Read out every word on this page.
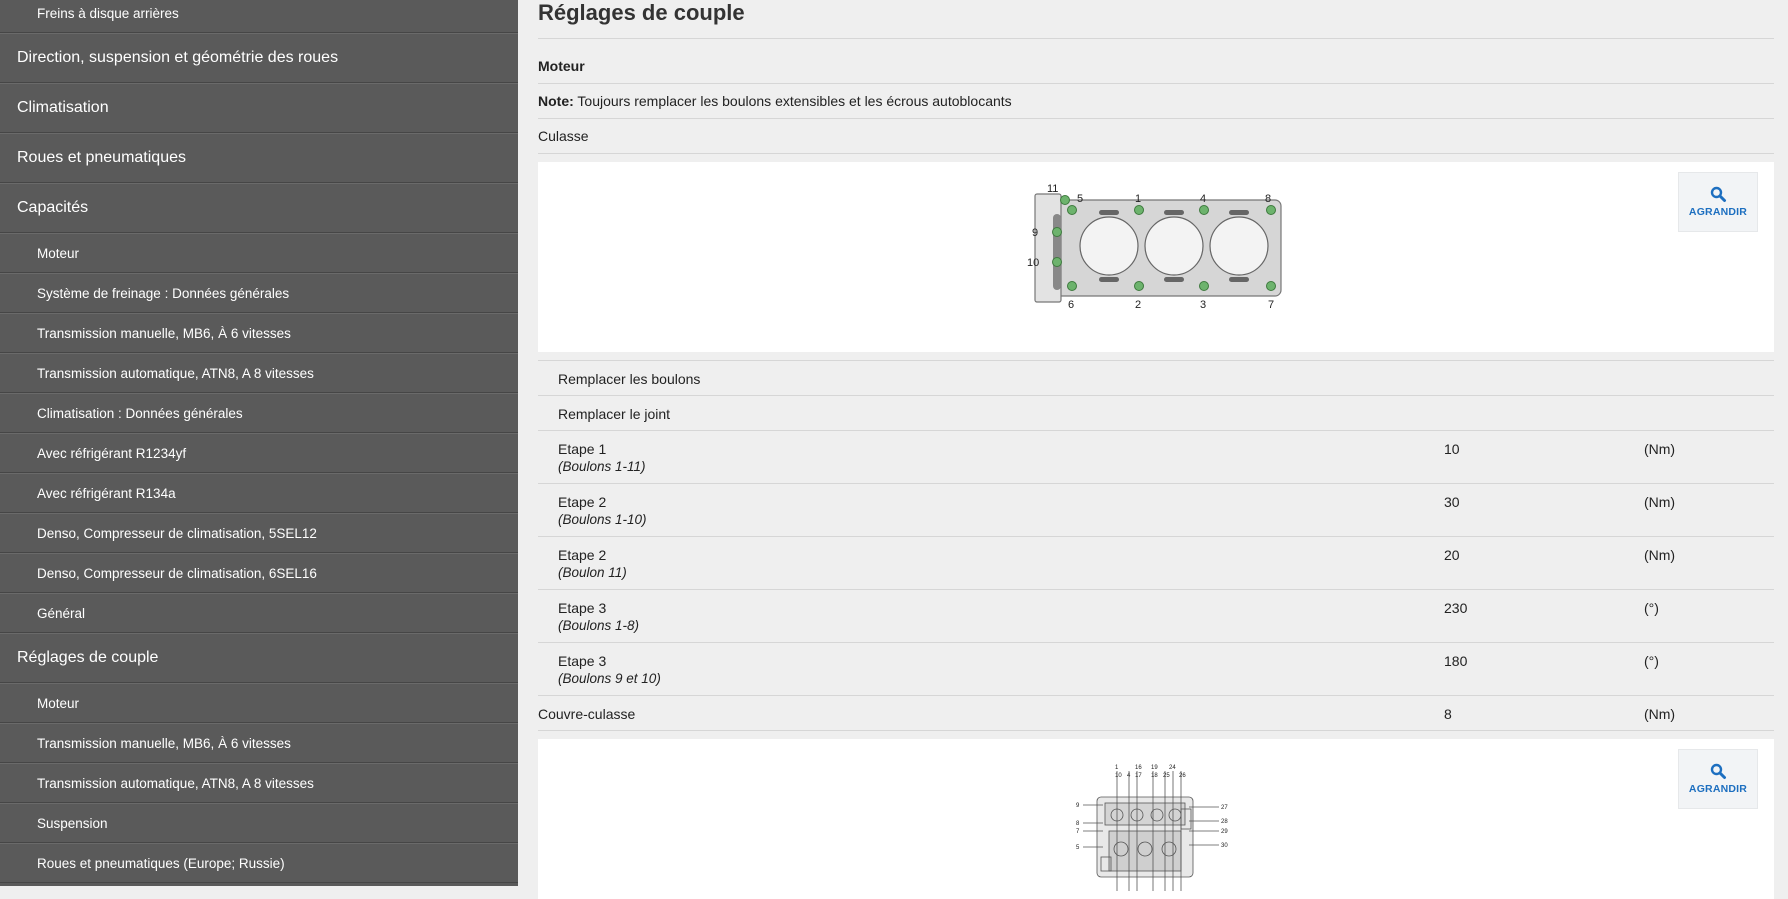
Freins à disque arrières
Direction, suspension et géométrie des roues
Climatisation
Roues et pneumatiques
Capacités
Moteur
Système de freinage : Données générales
Transmission manuelle, MB6, À 6 vitesses
Transmission automatique, ATN8, A 8 vitesses
Climatisation : Données générales
Avec réfrigérant R1234yf
Avec réfrigérant R134a
Denso, Compresseur de climatisation, 5SEL12
Denso, Compresseur de climatisation, 6SEL16
Général
Réglages de couple
Moteur
Transmission manuelle, MB6, À 6 vitesses
Transmission automatique, ATN8, A 8 vitesses
Suspension
Roues et pneumatiques (Europe; Russie)
Réglages de couple
Moteur
Note: Toujours remplacer les boulons extensibles et les écrous autoblocants
Culasse
11
5	1	4	8
9
10
6	2	3	7
AGRANDIR
Remplacer les boulons
Remplacer le joint
Etape 1
(Boulons 1-11)
10	(Nm)
Etape 2
(Boulons 1-10)
30	(Nm)
Etape 2
(Boulon 11)
20	(Nm)
Etape 3
(Boulons 1-8)
230	(°)
Etape 3
(Boulons 9 et 10)
180	(°)
Couvre-culasse	8	(Nm)
1	16 19 24
10 4 17 18 25 26
27
28
29
30
9
8
7
5
AGRANDIR
